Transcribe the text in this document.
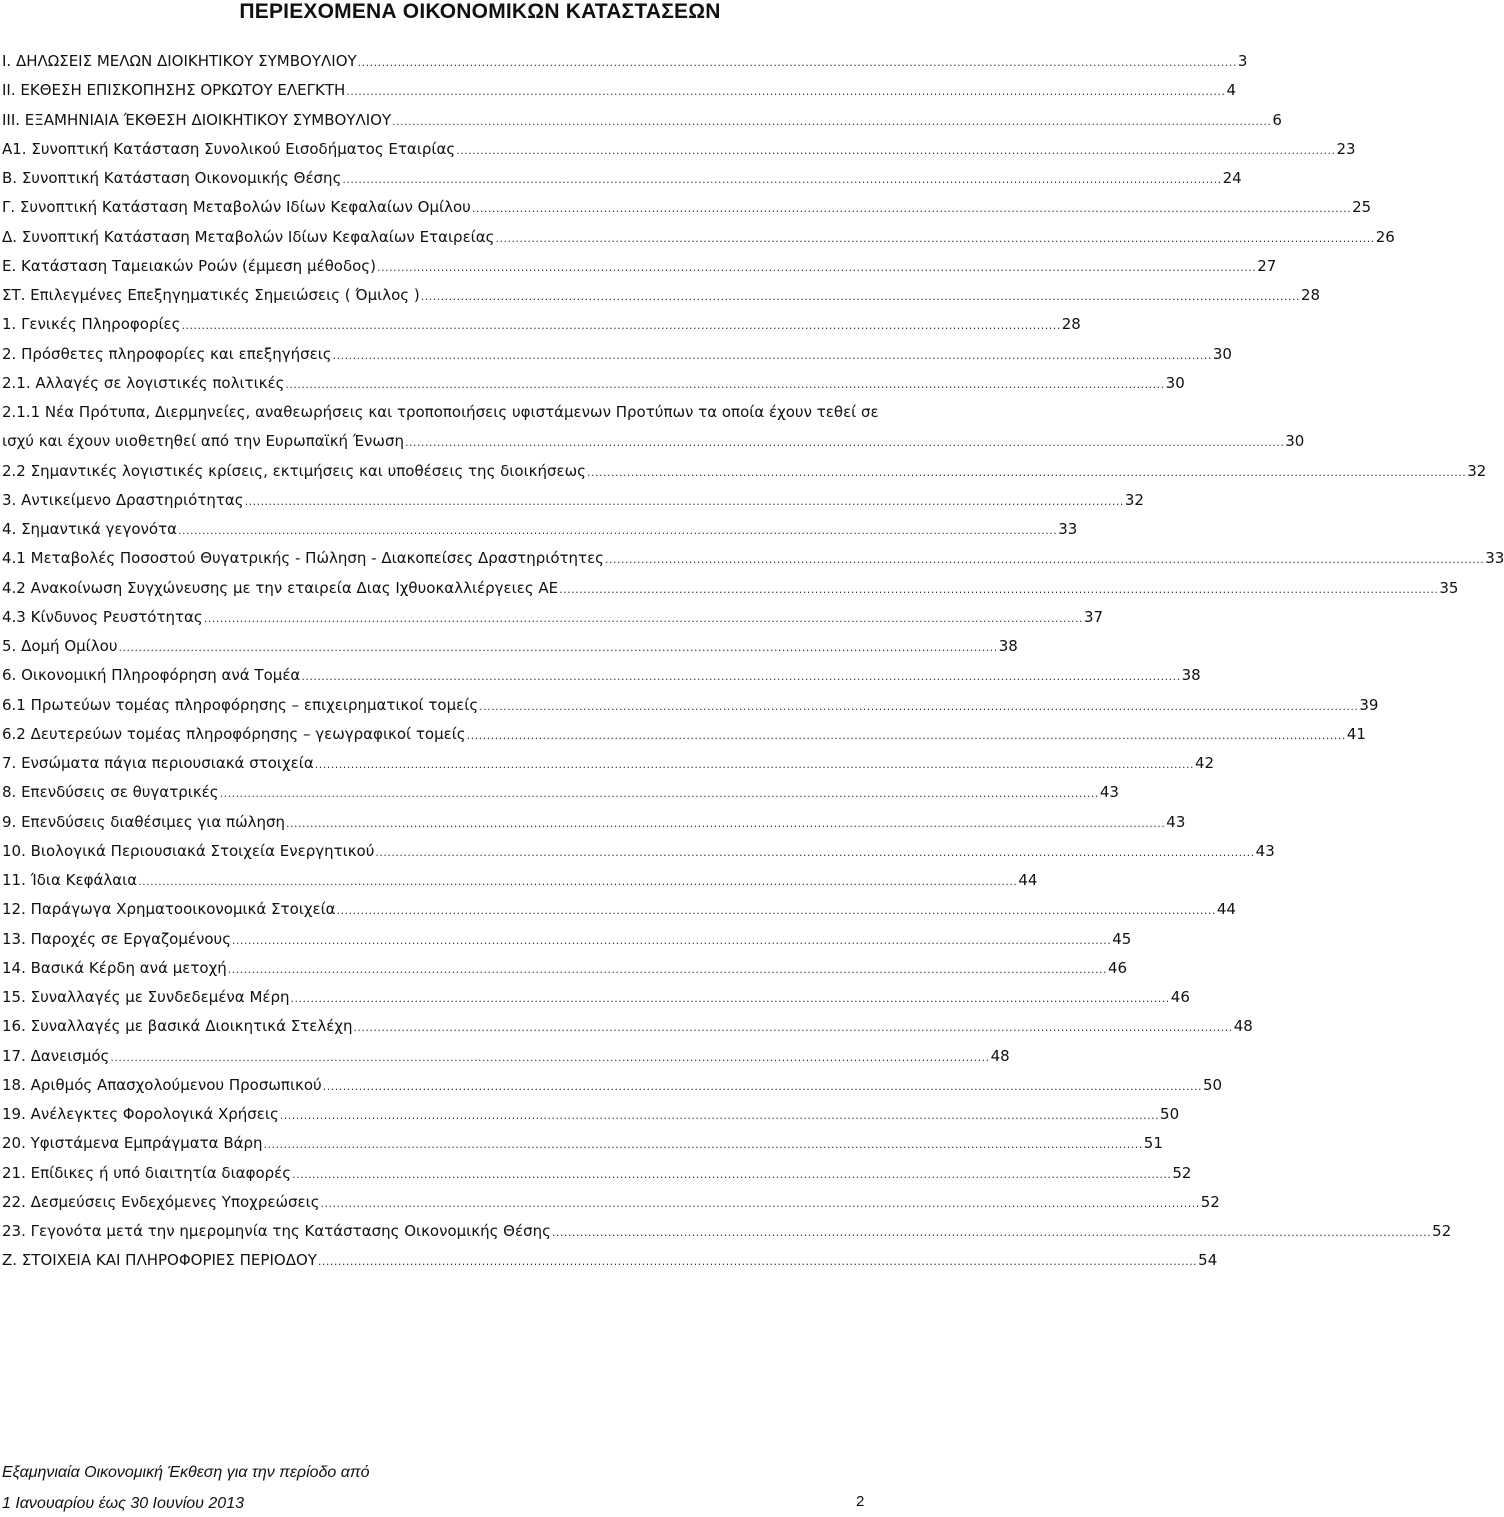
ΠΕΡΙΕΧΟΜΕΝΑ ΟΙΚΟΝΟΜΙΚΩΝ ΚΑΤΑΣΤΑΣΕΩΝ
I. ΔΗΛΩΣΕΙΣ ΜΕΛΩΝ ΔΙΟΙΚΗΤΙΚΟΥ ΣΥΜΒΟΥΛΙΟΥ ............................................................................................................................................................................................................................ 3
II. ΕΚΘΕΣΗ ΕΠΙΣΚΟΠΗΣΗΣ ΟΡΚΩΤΟΥ ΕΛΕΓΚΤΗ ............................................................................................................................................................................................................................ 4
III. ΕΞΑΜΗΝΙΑΙΑ ΈΚΘΕΣΗ ΔΙΟΙΚΗΤΙΚΟΥ ΣΥΜΒΟΥΛΙΟΥ ............................................................................................................................................................................................................................ 6
Α1. Συνοπτική Κατάσταση Συνολικού Εισοδήματος Εταιρίας ............................................................................................................................................................................................................................ 23
Β. Συνοπτική Κατάσταση Οικονομικής Θέσης ............................................................................................................................................................................................................................ 24
Γ. Συνοπτική Κατάσταση Μεταβολών Ιδίων Κεφαλαίων Ομίλου ............................................................................................................................................................................................................................ 25
Δ. Συνοπτική Κατάσταση Μεταβολών Ιδίων Κεφαλαίων Εταιρείας ............................................................................................................................................................................................................................ 26
Ε. Κατάσταση Ταμειακών Ροών (έμμεση μέθοδος) ............................................................................................................................................................................................................................ 27
ΣΤ. Επιλεγμένες Επεξηγηματικές Σημειώσεις ( Όμιλος ) ............................................................................................................................................................................................................................ 28
1. Γενικές Πληροφορίες ............................................................................................................................................................................................................................ 28
2. Πρόσθετες πληροφορίες και επεξηγήσεις ............................................................................................................................................................................................................................ 30
2.1. Αλλαγές σε λογιστικές πολιτικές ............................................................................................................................................................................................................................ 30
2.1.1 Νέα Πρότυπα, Διερμηνείες, αναθεωρήσεις και τροποποιήσεις υφιστάμενων Προτύπων τα οποία έχουν τεθεί σε
ισχύ και έχουν υιοθετηθεί από την Ευρωπαϊκή Ένωση ............................................................................................................................................................................................................................ 30
2.2 Σημαντικές λογιστικές κρίσεις, εκτιμήσεις και υποθέσεις της διοικήσεως ............................................................................................................................................................................................................................ 32
3. Αντικείμενο Δραστηριότητας ............................................................................................................................................................................................................................ 32
4. Σημαντικά γεγονότα ............................................................................................................................................................................................................................ 33
4.1 Μεταβολές Ποσοστού Θυγατρικής - Πώληση - Διακοπείσες Δραστηριότητες ............................................................................................................................................................................................................................ 33
4.2 Ανακοίνωση Συγχώνευσης με την εταιρεία Διας Ιχθυοκαλλιέργειες ΑΕ ............................................................................................................................................................................................................................ 35
4.3 Κίνδυνος Ρευστότητας ............................................................................................................................................................................................................................ 37
5. Δομή Ομίλου ............................................................................................................................................................................................................................ 38
6. Οικονομική Πληροφόρηση ανά Τομέα ............................................................................................................................................................................................................................ 38
6.1 Πρωτεύων τομέας πληροφόρησης – επιχειρηματικοί τομείς ............................................................................................................................................................................................................................ 39
6.2 Δευτερεύων τομέας πληροφόρησης – γεωγραφικοί τομείς ............................................................................................................................................................................................................................ 41
7. Ενσώματα πάγια περιουσιακά στοιχεία ............................................................................................................................................................................................................................ 42
8. Επενδύσεις σε θυγατρικές ............................................................................................................................................................................................................................ 43
9. Επενδύσεις διαθέσιμες για πώληση ............................................................................................................................................................................................................................ 43
10. Βιολογικά Περιουσιακά Στοιχεία Ενεργητικού ............................................................................................................................................................................................................................ 43
11. Ίδια Κεφάλαια ............................................................................................................................................................................................................................ 44
12. Παράγωγα Χρηματοοικονομικά Στοιχεία ............................................................................................................................................................................................................................ 44
13. Παροχές σε Εργαζομένους ............................................................................................................................................................................................................................ 45
14. Βασικά Κέρδη ανά μετοχή ............................................................................................................................................................................................................................ 46
15. Συναλλαγές με Συνδεδεμένα Μέρη ............................................................................................................................................................................................................................ 46
16. Συναλλαγές με βασικά Διοικητικά Στελέχη ............................................................................................................................................................................................................................ 48
17. Δανεισμός ............................................................................................................................................................................................................................ 48
18. Αριθμός Απασχολούμενου Προσωπικού ............................................................................................................................................................................................................................ 50
19. Ανέλεγκτες Φορολογικά Χρήσεις ............................................................................................................................................................................................................................ 50
20. Υφιστάμενα Εμπράγματα Βάρη ............................................................................................................................................................................................................................ 51
21. Επίδικες ή υπό διαιτητία διαφορές ............................................................................................................................................................................................................................ 52
22. Δεσμεύσεις Ενδεχόμενες Υποχρεώσεις ............................................................................................................................................................................................................................ 52
23. Γεγονότα μετά την ημερομηνία της Κατάστασης Οικονομικής Θέσης ............................................................................................................................................................................................................................ 52
Ζ. ΣΤΟΙΧΕΙΑ ΚΑΙ ΠΛΗΡΟΦΟΡΙΕΣ ΠΕΡΙΟΔΟΥ ............................................................................................................................................................................................................................ 54
Εξαμηνιαία Οικονομική Έκθεση για την περίοδο από
1 Ιανουαρίου έως 30 Ιουνίου 2013	2
